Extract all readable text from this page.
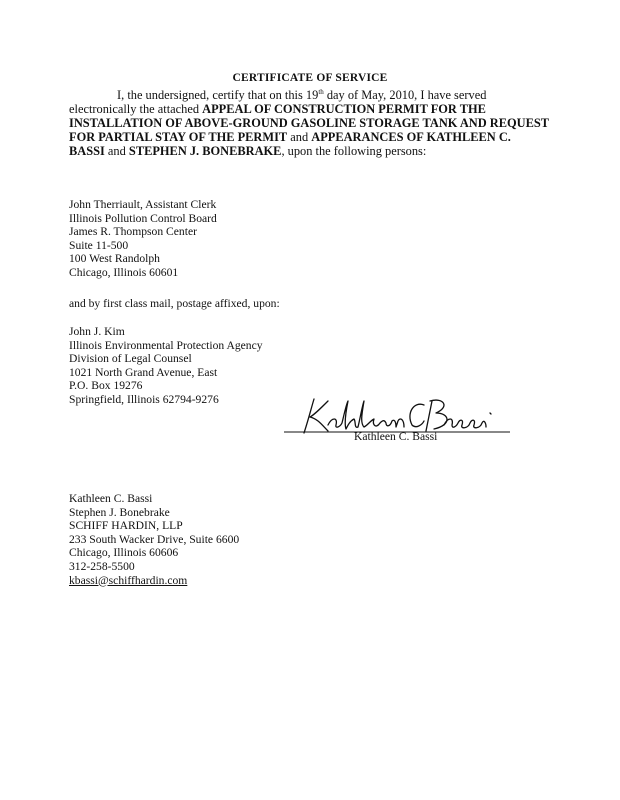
CERTIFICATE OF SERVICE
I, the undersigned, certify that on this 19th day of May, 2010, I have served electronically the attached APPEAL OF CONSTRUCTION PERMIT FOR THE INSTALLATION OF ABOVE-GROUND GASOLINE STORAGE TANK AND REQUEST FOR PARTIAL STAY OF THE PERMIT and APPEARANCES OF KATHLEEN C. BASSI and STEPHEN J. BONEBRAKE, upon the following persons:
John Therriault, Assistant Clerk
Illinois Pollution Control Board
James R. Thompson Center
Suite 11-500
100 West Randolph
Chicago, Illinois 60601
and by first class mail, postage affixed, upon:
John J. Kim
Illinois Environmental Protection Agency
Division of Legal Counsel
1021 North Grand Avenue, East
P.O. Box 19276
Springfield, Illinois 62794-9276
Kathleen C. Bassi
Kathleen C. Bassi
Stephen J. Bonebrake
SCHIFF HARDIN, LLP
233 South Wacker Drive, Suite 6600
Chicago, Illinois 60606
312-258-5500
kbassi@schiffhardin.com
